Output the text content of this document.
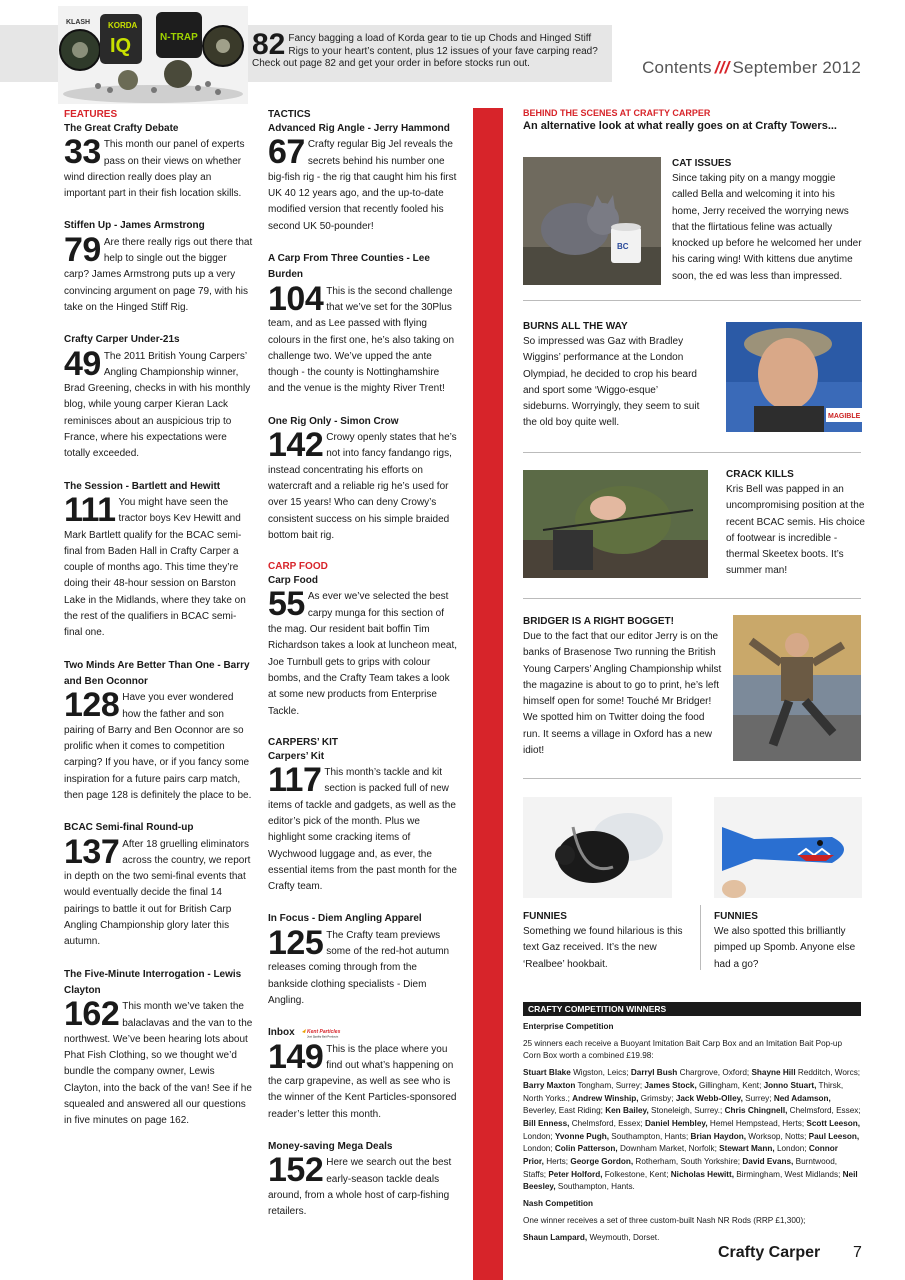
KORDA
IQ	N-TRAP
KLASH
82 Fancy bagging a load of Korda gear to tie up Chods and Hinged Stiff Rigs to your heart’s content, plus 12 issues of your fave carping read? Check out page 82 and get your order in before stocks run out.	Contents /// September 2012
FEATURES
The Great Crafty Debate
33 This month our panel of experts pass on their views on whether wind direction really does play an important part in their fish location skills.
Stiffen Up - James Armstrong
79 Are there really rigs out there that help to single out the bigger carp? James Armstrong puts up a very convincing argument on page 79, with his take on the Hinged Stiff Rig.
Crafty Carper Under-21s
49 The 2011 British Young Carpers’ Angling Championship winner, Brad Greening, checks in with his monthly blog, while young carper Kieran Lack reminisces about an auspicious trip to France, where his expectations were totally exceeded.
The Session - Bartlett and Hewitt
111 You might have seen the tractor boys Kev Hewitt and Mark Bartlett qualify for the BCAC semi-final from Baden Hall in Crafty Carper a couple of months ago. This time they’re doing their 48-hour session on Barston Lake in the Midlands, where they take on the rest of the qualifiers in BCAC semi-final one.
Two Minds Are Better Than One - Barry and Ben Oconnor
128 Have you ever wondered how the father and son pairing of Barry and Ben Oconnor are so prolific when it comes to competition carping? If you have, or if you fancy some inspiration for a future pairs carp match, then page 128 is definitely the place to be.
BCAC Semi-final Round-up
137 After 18 gruelling eliminators across the country, we report in depth on the two semi-final events that would eventually decide the final 14 pairings to battle it out for British Carp Angling Championship glory later this autumn.
The Five-Minute Interrogation - Lewis Clayton
162 This month we’ve taken the balaclavas and the van to the northwest. We’ve been hearing lots about Phat Fish Clothing, so we thought we’d bundle the company owner, Lewis Clayton, into the back of the van! See if he squealed and answered all our questions in five minutes on page 162.
TACTICS
Advanced Rig Angle - Jerry Hammond
67 Crafty regular Big Jel reveals the secrets behind his number one big-fish rig - the rig that caught him his first UK 40 12 years ago, and the up-to-date modified version that recently fooled his second UK 50-pounder!
A Carp From Three Counties - Lee Burden
104 This is the second challenge that we’ve set for the 30Plus team, and as Lee passed with flying colours in the first one, he’s also taking on challenge two. We’ve upped the ante though - the county is Nottinghamshire and the venue is the mighty River Trent!
One Rig Only - Simon Crow
142 Crowy openly states that he’s not into fancy fandango rigs, instead concentrating his efforts on watercraft and a reliable rig he’s used for over 15 years! Who can deny Crowy’s consistent success on his simple braided bottom bait rig.
CARP FOOD
Carp Food
55 As ever we’ve selected the best carpy munga for this section of the mag. Our resident bait boffin Tim Richardson takes a look at luncheon meat, Joe Turnbull gets to grips with colour bombs, and the Crafty Team takes a look at some new products from Enterprise Tackle.
CARPERS’ KIT
Carpers’ Kit
117 This month’s tackle and kit section is packed full of new items of tackle and gadgets, as well as the editor’s pick of the month. Plus we highlight some cracking items of Wychwood luggage and, as ever, the essential items from the past month for the Crafty team.
In Focus - Diem Angling Apparel
125 The Crafty team previews some of the red-hot autumn releases coming through from the bankside clothing specialists - Diem Angling.
Inbox Kent Particles
Just Quality Bait Products
149 This is the place where you find out what’s happening on the carp grapevine, as well as see who is the winner of the Kent Particles-sponsored reader’s letter this month.
Money-saving Mega Deals
152 Here we search out the best early-season tackle deals around, from a whole host of carp-fishing retailers.
BEHIND THE SCENES AT CRAFTY CARPER
An alternative look at what really goes on at Crafty Towers...
BC
CAT ISSUES
Since taking pity on a mangy moggie called Bella and welcoming it into his home, Jerry received the worrying news that the flirtatious feline was actually knocked up before he welcomed her under his caring wing! With kittens due anytime soon, the ed was less than impressed.
BURNS ALL THE WAY
So impressed was Gaz with Bradley Wiggins’ performance at the London Olympiad, he decided to crop his beard and sport some ‘Wiggo-esque’ sideburns. Worryingly, they seem to suit the old boy quite well.
MAGIBLE
CRACK KILLS
Kris Bell was papped in an uncompromising position at the recent BCAC semis. His choice of footwear is incredible - thermal Skeetex boots. It’s summer man!
BRIDGER IS A RIGHT BOGGET!
Due to the fact that our editor Jerry is on the banks of Brasenose Two running the British Young Carpers’ Angling Championship whilst the magazine is about to go to print, he’s left himself open for some! Touché Mr Bridger! We spotted him on Twitter doing the food run. It seems a village in Oxford has a new idiot!
FUNNIES
Something we found hilarious is this text Gaz received. It’s the new ‘Realbee’ hookbait.
FUNNIES
We also spotted this brilliantly pimped up Spomb. Anyone else had a go?
CRAFTY COMPETITION WINNERS

Enterprise Competition

25 winners each receive a Buoyant Imitation Bait Carp Box and an Imitation Bait Pop-up Corn Box worth a combined £19.98:

Stuart Blake Wigston, Leics; Darryl Bush Chargrove, Oxford; Shayne Hill Redditch, Worcs; Barry Maxton Tongham, Surrey; James Stock, Gillingham, Kent; Jonno Stuart, Thirsk, North Yorks.; Andrew Winship, Grimsby; Jack Webb-Olley, Surrey; Ned Adamson, Beverley, East Riding; Ken Bailey, Stoneleigh, Surrey.; Chris Chingnell, Chelmsford, Essex; Bill Enness, Chelmsford, Essex; Daniel Hembley, Hemel Hempstead, Herts; Scott Leeson, London; Yvonne Pugh, Southampton, Hants; Brian Haydon, Worksop, Notts; Paul Leeson, London; Colin Patterson, Downham Market, Norfolk; Stewart Mann, London; Connor Prior, Herts; George Gordon, Rotherham, South Yorkshire; David Evans, Burntwood, Staffs; Peter Holford, Folkestone, Kent; Nicholas Hewitt, Birmingham, West Midlands; Neil Beesley, Southampton, Hants.

Nash Competition

One winner receives a set of three custom-built Nash NR Rods (RRP £1,300);

Shaun Lampard, Weymouth, Dorset.

Crafty Carper 7
